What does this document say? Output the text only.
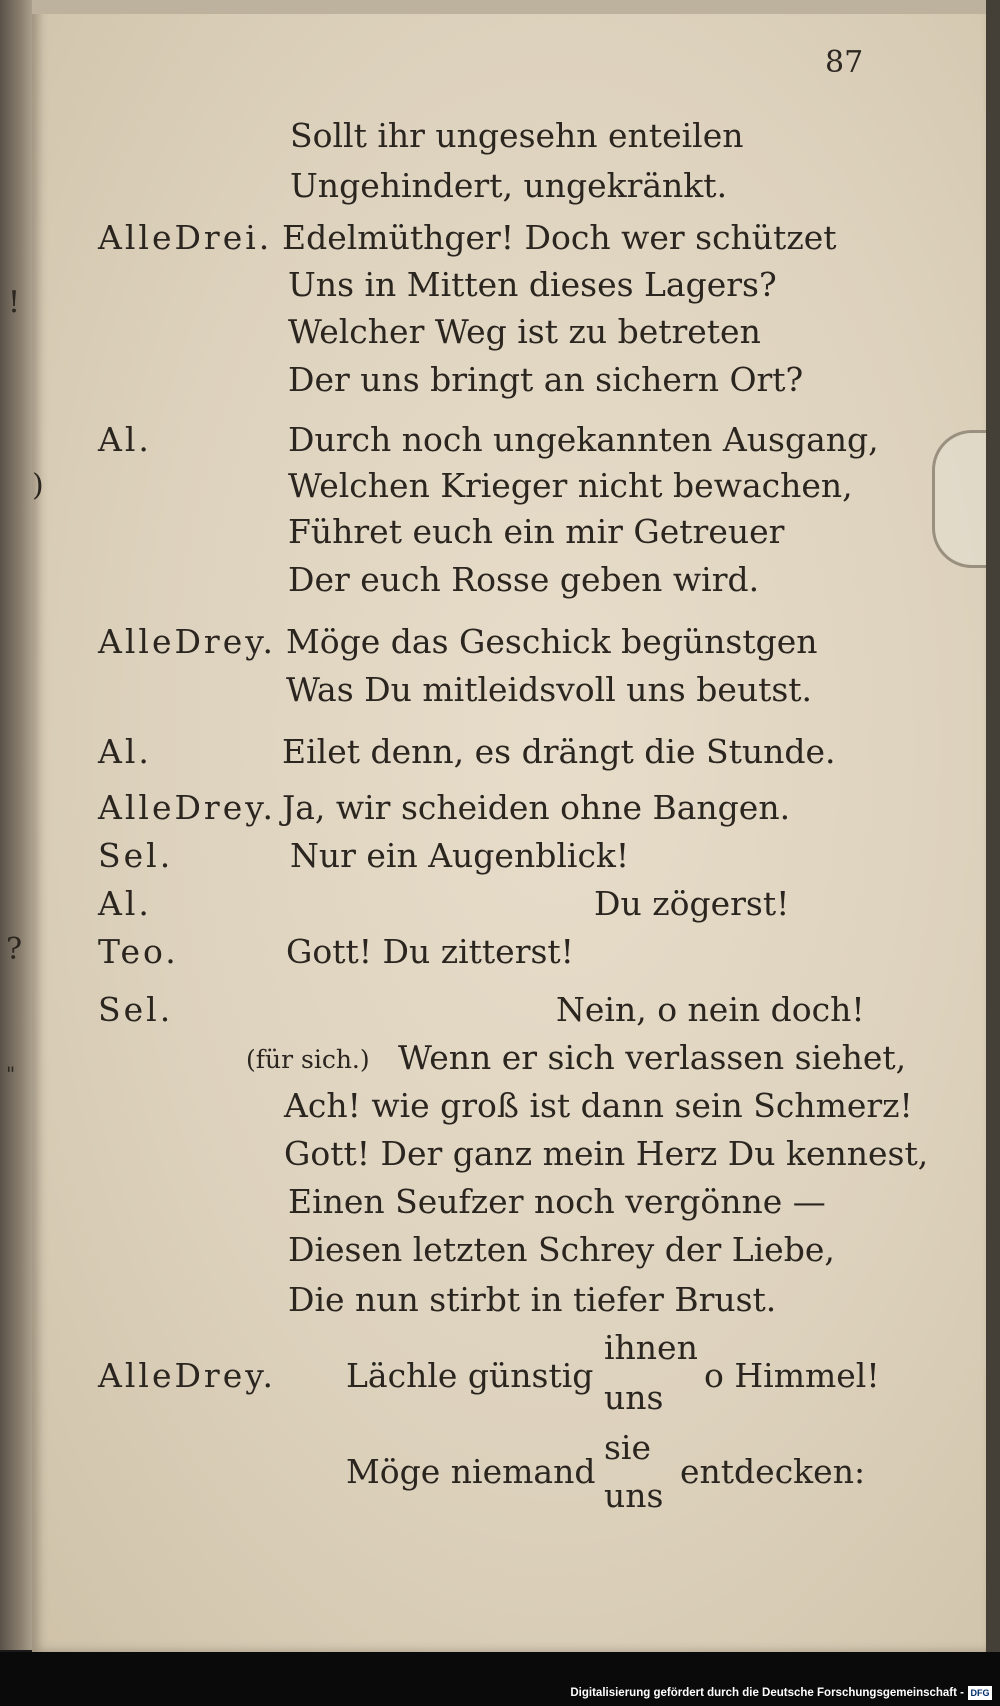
!
)
?
"
87
Sollt ihr ungesehn enteilen
Ungehindert, ungekränkt.
AlleDrei. Edelmüthger! Doch wer schützet
Uns in Mitten dieses Lagers?
Welcher Weg ist zu betreten
Der uns bringt an sichern Ort?
Al.	Durch noch ungekannten Ausgang,
Welchen Krieger nicht bewachen,
Führet euch ein mir Getreuer
Der euch Rosse geben wird.
AlleDrey. Möge das Geschick begünstgen
Was Du mitleidsvoll uns beutst.
Al.	Eilet denn, es drängt die Stunde.
AlleDrey. Ja, wir scheiden ohne Bangen.
Sel.	Nur ein Augenblick!
Al.	Du zögerst!
Teo.	Gott! Du zitterst!
Sel.	Nein, o nein doch!
(für sich.) Wenn er sich verlassen siehet,
Ach! wie groß ist dann sein Schmerz!
Gott! Der ganz mein Herz Du kennest,
Einen Seufzer noch vergönne —
Diesen letzten Schrey der Liebe,
Die nun stirbt in tiefer Brust.
AlleDrey. Lächle günstig
ihnen
uns
o Himmel!
Möge niemand
sie
uns
entdecken:
Digitalisierung gefördert durch die Deutsche Forschungsgemeinschaft - DFG
